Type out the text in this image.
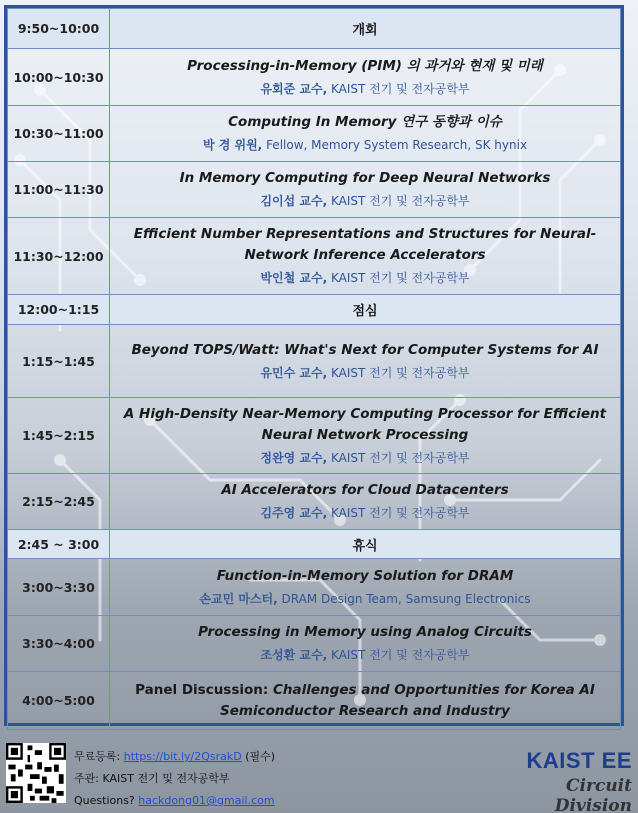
9:50~10:00	개회
10:00~10:30	Processing-in-Memory (PIM) 의 과거와 현재 및 미래
유회준 교수, KAIST 전기 및 전자공학부

10:30~11:00	Computing In Memory 연구 동향과 이슈
박 경 위원, Fellow, Memory System Research, SK hynix

11:00~11:30	In Memory Computing for Deep Neural Networks
김이섭 교수, KAIST 전기 및 전자공학부

11:30~12:00	Efficient Number Representations and Structures for Neural-Network Inference Accelerators
박인철 교수, KAIST 전기 및 전자공학부

12:00~1:15	점심
1:15~1:45	Beyond TOPS/Watt: What's Next for Computer Systems for AI
유민수 교수, KAIST 전기 및 전자공학부

1:45~2:15	A High-Density Near-Memory Computing Processor for Efficient Neural Network Processing
정완영 교수, KAIST 전기 및 전자공학부

2:15~2:45	AI Accelerators for Cloud Datacenters
김주영 교수, KAIST 전기 및 전자공학부

2:45 ~ 3:00	휴식
3:00~3:30	Function-in-Memory Solution for DRAM
손교민 마스터, DRAM Design Team, Samsung Electronics

3:30~4:00	Processing in Memory using Analog Circuits
조성환 교수, KAIST 전기 및 전자공학부

4:00~5:00	Panel Discussion: Challenges and Opportunities for Korea AI Semiconductor Research and Industry
무료등록: https://bit.ly/2QsrakD (필수)
주관: KAIST 전기 및 전자공학부
Questions? hackdong01@gmail.com
KAIST EE
Circuit Division
